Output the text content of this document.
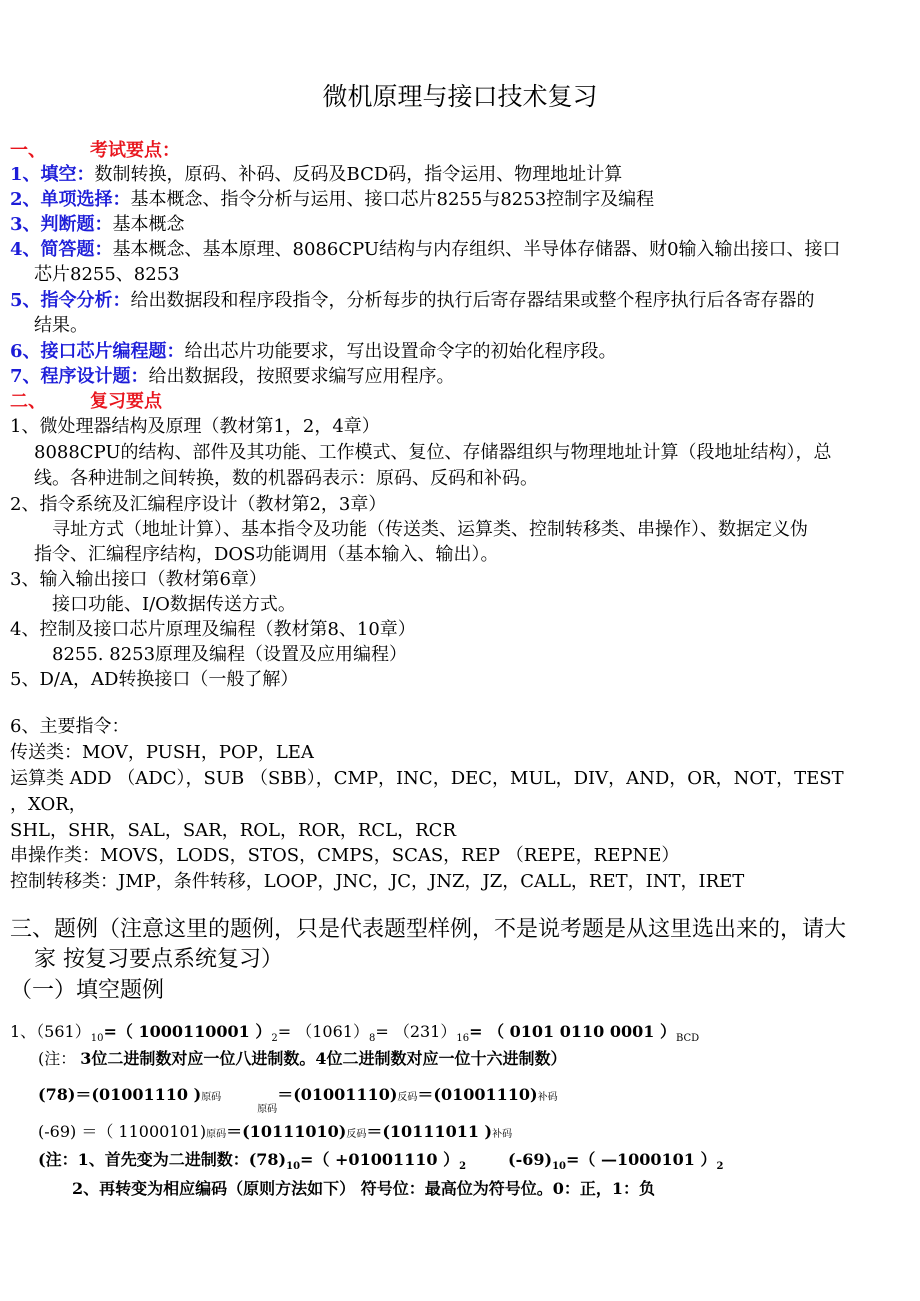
微机原理与接口技术复习
一、 考试要点：
1、填空：数制转换，原码、补码、反码及BCD码，指令运用、物理地址计算
2、单项选择：基本概念、指令分析与运用、接口芯片8255与8253控制字及编程
3、判断题：基本概念
4、简答题：基本概念、基本原理、8086CPU结构与内存组织、半导体存储器、财0输入输出接口、接口
芯片8255、8253
5、指令分析：给出数据段和程序段指令，分析每步的执行后寄存器结果或整个程序执行后各寄存器的
结果。
6、接口芯片编程题：给出芯片功能要求，写出设置命令字的初始化程序段。
7、程序设计题：给出数据段，按照要求编写应用程序。
二、 复习要点
1、微处理器结构及原理（教材第1，2，4章）
8088CPU的结构、部件及其功能、工作模式、复位、存储器组织与物理地址计算（段地址结构），总
线。各种进制之间转换，数的机器码表示：原码、反码和补码。
2、指令系统及汇编程序设计（教材第2，3章）
寻址方式（地址计算）、基本指令及功能（传送类、运算类、控制转移类、串操作）、数据定义伪
指令、汇编程序结构，DOS功能调用（基本输入、输出）。
3、输入输出接口（教材第6章）
接口功能、I/O数据传送方式。
4、控制及接口芯片原理及编程（教材第8、10章）
8255. 8253原理及编程（设置及应用编程）
5、D/A，AD转换接口（一般了解）
6、主要指令：
传送类：MOV，PUSH，POP，LEA
运算类 ADD （ADC），SUB （SBB），CMP，INC，DEC，MUL，DIV，AND，OR，NOT，TEST
，XOR，
SHL，SHR，SAL，SAR，ROL，ROR，RCL，RCR
串操作类：MOVS，LODS，STOS，CMPS，SCAS，REP （REPE，REPNE）
控制转移类：JMP，条件转移，LOOP，JNC，JC，JNZ，JZ，CALL，RET，INT，IRET
三、题例（注意这里的题例，只是代表题型样例，不是说考题是从这里选出来的，请大
家 按复习要点系统复习）
（一）填空题例
1、$(561)_{10}=$（ 1000110001 ）$_2= (1061)_8= (231)_{16}=$ （ 0101 0110 0001 ）$_{BCD}$
(注： 3位二进制数对应一位八进制数。4位二进制数对应一位十六进制数）
(78)＝(01001110 )原码$_{原码}$＝(01001110)反码＝(01001110)补码
(-69) ＝（ 11000101)原码＝(10111010)反码＝(10111011 )补码
(注：1、首先变为二进制数：$(78)_{10}=( +01001110$ ）$_2$	$(-69)_{10}=$（ —1000101 ）$_2$
2、再转变为相应编码（原则方法如下） 符号位：最高位为符号位。0：正，1：负
